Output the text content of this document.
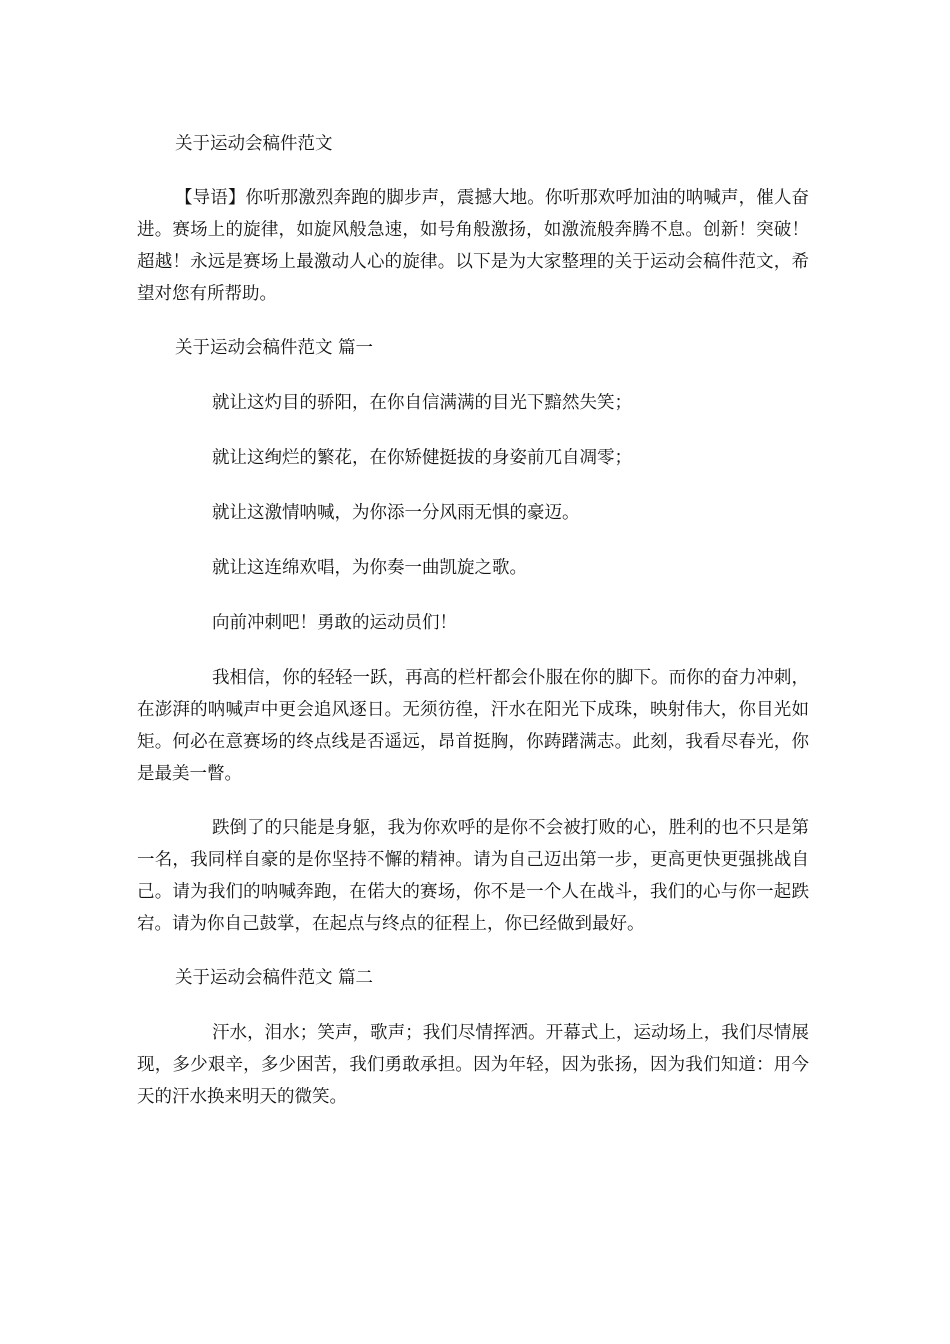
关于运动会稿件范文

【导语】你听那激烈奔跑的脚步声，震撼大地。你听那欢呼加油的呐喊声，催人奋进。赛场上的旋律，如旋风般急速，如号角般激扬，如激流般奔腾不息。创新！突破！超越！永远是赛场上最激动人心的旋律。以下是为大家整理的关于运动会稿件范文，希望对您有所帮助。

关于运动会稿件范文 篇一

就让这灼目的骄阳，在你自信满满的目光下黯然失笑；

就让这绚烂的繁花，在你矫健挺拔的身姿前兀自凋零；

就让这激情呐喊，为你添一分风雨无惧的豪迈。

就让这连绵欢唱，为你奏一曲凯旋之歌。

向前冲刺吧！勇敢的运动员们！

我相信，你的轻轻一跃，再高的栏杆都会仆服在你的脚下。而你的奋力冲刺，在澎湃的呐喊声中更会追风逐日。无须彷徨，汗水在阳光下成珠，映射伟大，你目光如矩。何必在意赛场的终点线是否遥远，昂首挺胸，你踌躇满志。此刻，我看尽春光，你是最美一瞥。

跌倒了的只能是身躯，我为你欢呼的是你不会被打败的心，胜利的也不只是第一名，我同样自豪的是你坚持不懈的精神。请为自己迈出第一步，更高更快更强挑战自己。请为我们的呐喊奔跑，在偌大的赛场，你不是一个人在战斗，我们的心与你一起跌宕。请为你自己鼓掌，在起点与终点的征程上，你已经做到最好。

关于运动会稿件范文 篇二

汗水，泪水；笑声，歌声；我们尽情挥洒。开幕式上，运动场上，我们尽情展现，多少艰辛，多少困苦，我们勇敢承担。因为年轻，因为张扬，因为我们知道：用今天的汗水换来明天的微笑。
